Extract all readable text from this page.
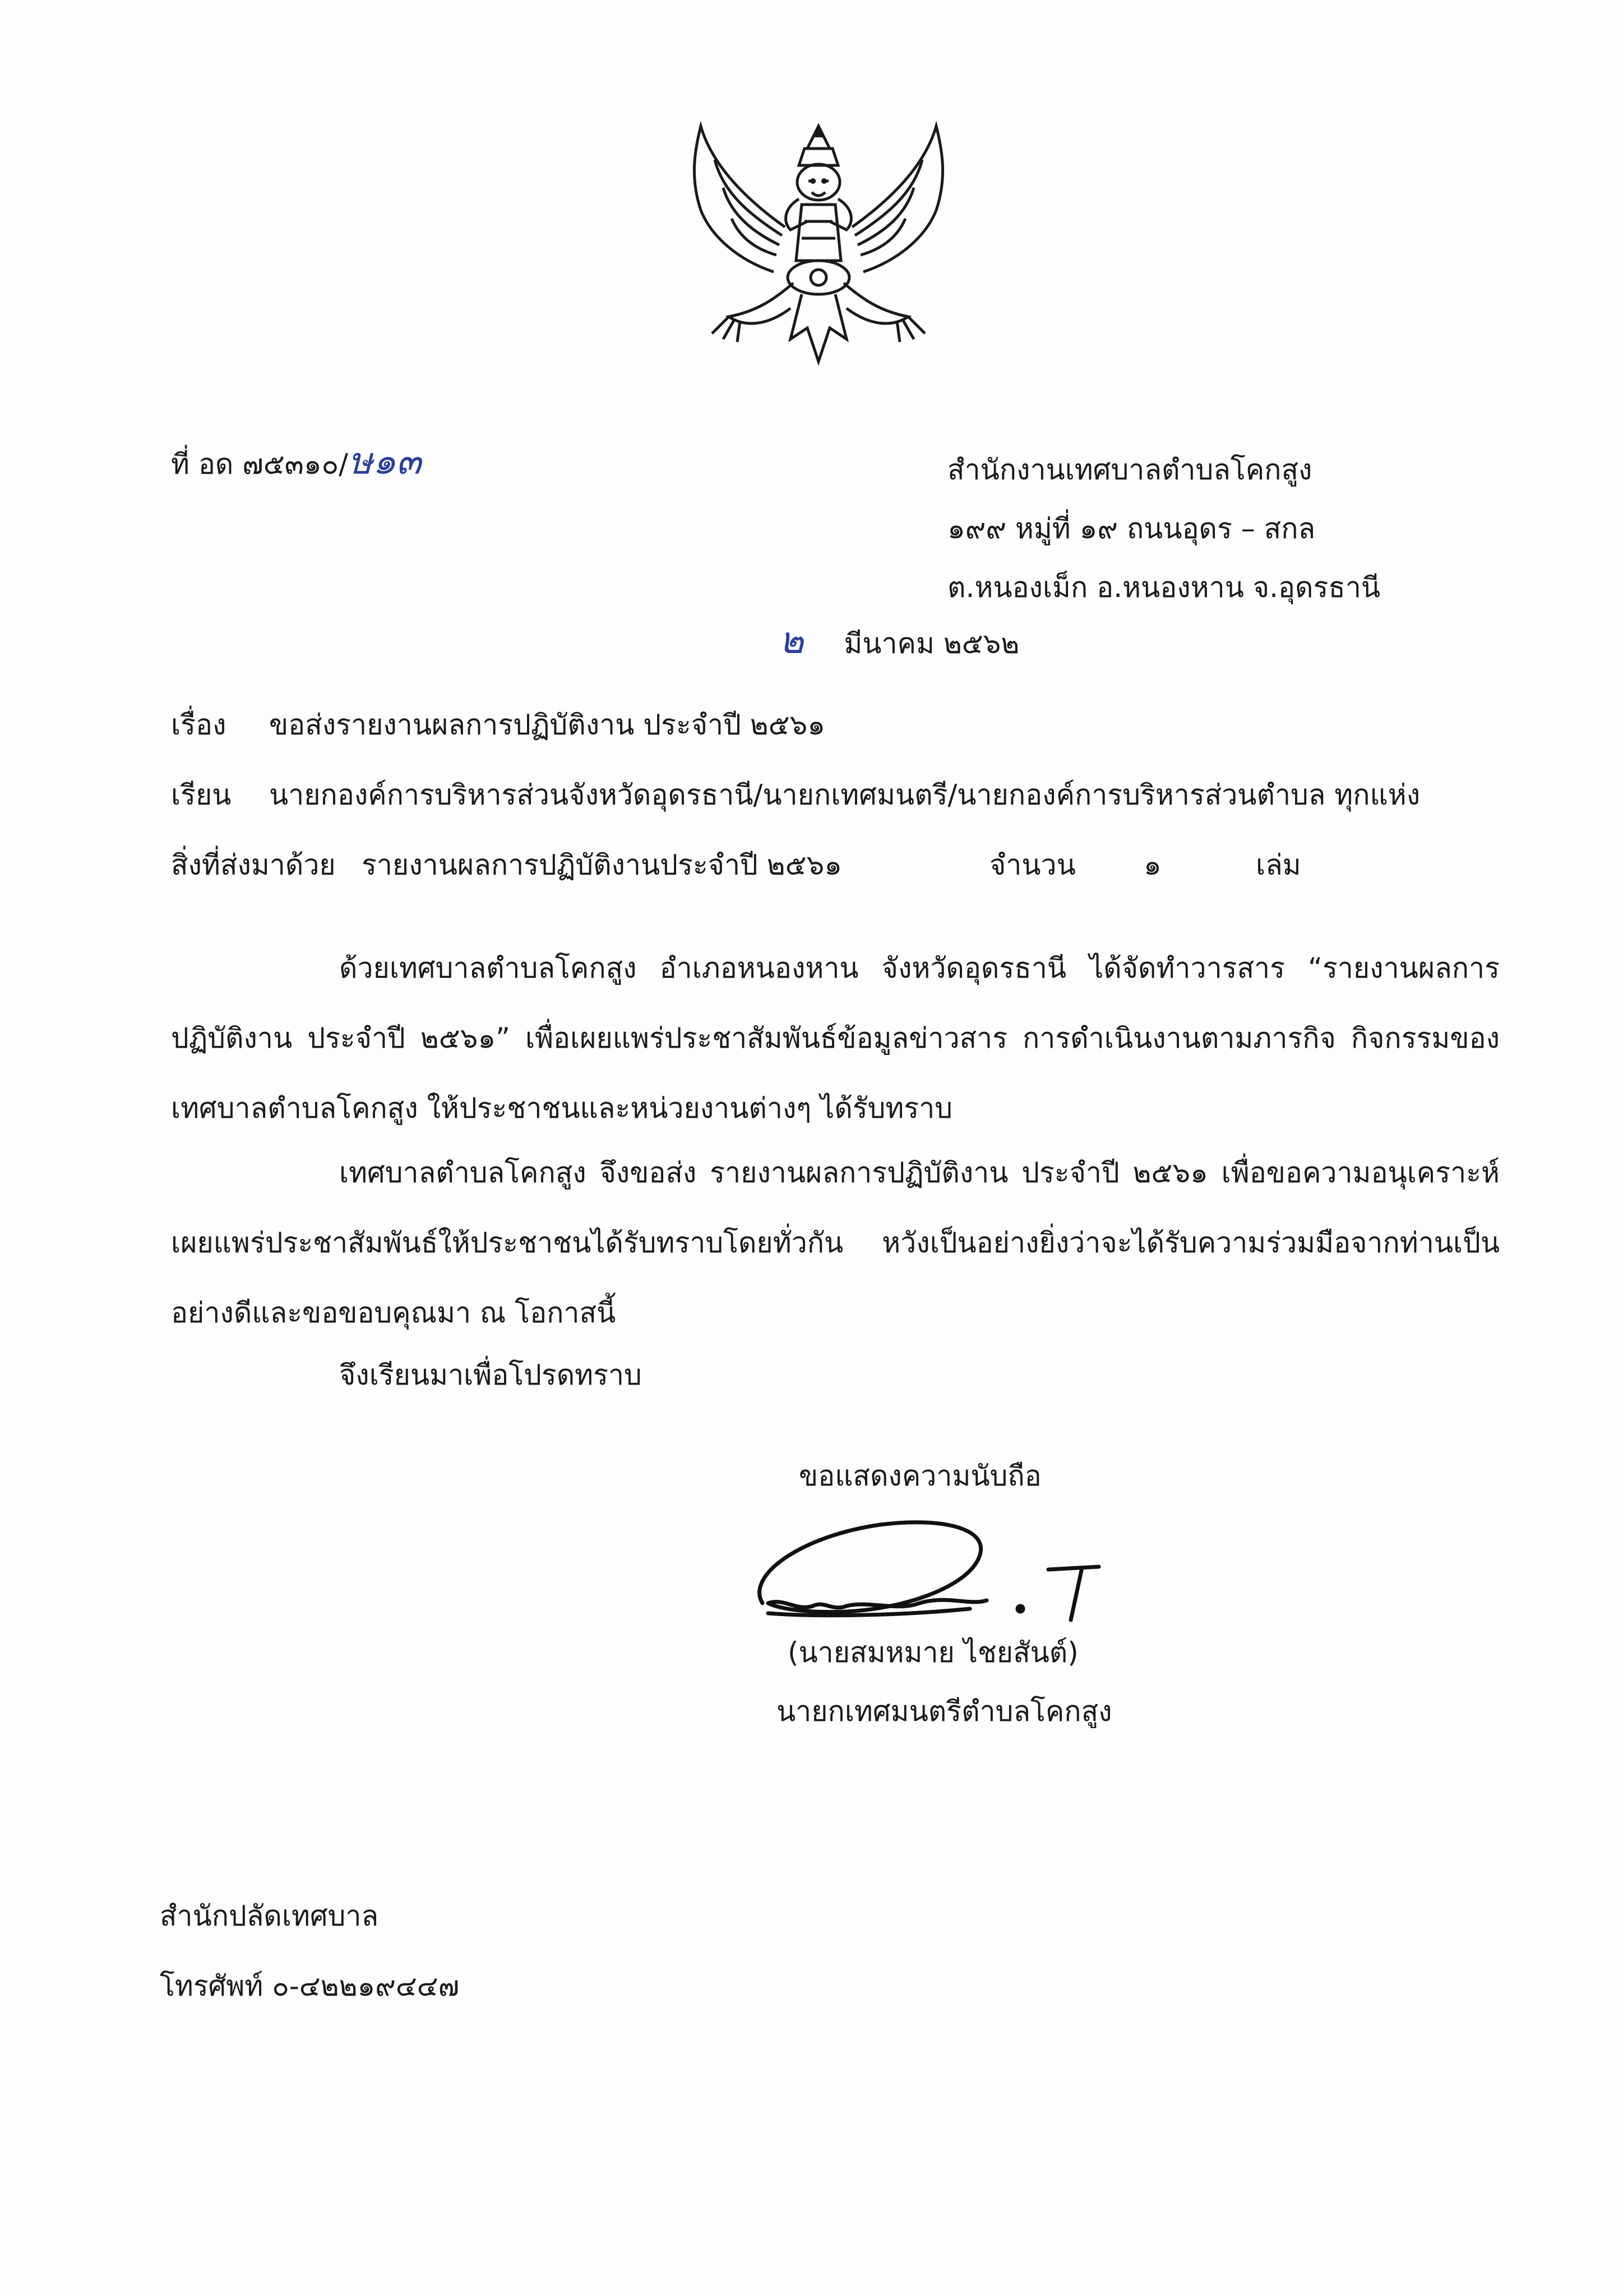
ที่ อด ๗๕๓๑๐/ษ๑๓	สำนักงานเทศบาลตำบลโคกสูง
๑๙๙ หมู่ที่ ๑๙ ถนนอุดร – สกล
ต.หนองเม็ก อ.หนองหาน จ.อุดรธานี
๒ มีนาคม ๒๕๖๒
เรื่อง ขอส่งรายงานผลการปฏิบัติงาน ประจำปี ๒๕๖๑
เรียน นายกองค์การบริหารส่วนจังหวัดอุดรธานี/นายกเทศมนตรี/นายกองค์การบริหารส่วนตำบล ทุกแห่ง
สิ่งที่ส่งมาด้วย รายงานผลการปฏิบัติงานประจำปี ๒๕๖๑	จำนวน ๑	เล่ม
ด้วยเทศบาลตำบลโคกสูง อำเภอหนองหาน จังหวัดอุดรธานี ได้จัดทำวารสาร “รายงานผลการปฏิบัติงาน ประจำปี ๒๕๖๑” เพื่อเผยแพร่ประชาสัมพันธ์ข้อมูลข่าวสาร การดำเนินงานตามภารกิจ กิจกรรมของเทศบาลตำบลโคกสูง ให้ประชาชนและหน่วยงานต่างๆ ได้รับทราบ
เทศบาลตำบลโคกสูง จึงขอส่ง รายงานผลการปฏิบัติงาน ประจำปี ๒๕๖๑ เพื่อขอความอนุเคราะห์เผยแพร่ประชาสัมพันธ์ให้ประชาชนได้รับทราบโดยทั่วกัน หวังเป็นอย่างยิ่งว่าจะได้รับความร่วมมือจากท่านเป็นอย่างดีและขอขอบคุณมา ณ โอกาสนี้
จึงเรียนมาเพื่อโปรดทราบ
ขอแสดงความนับถือ
(นายสมหมาย ไชยสันต์)
นายกเทศมนตรีตำบลโคกสูง
สำนักปลัดเทศบาล
โทรศัพท์ ๐-๔๒๒๑๙๔๔๗
